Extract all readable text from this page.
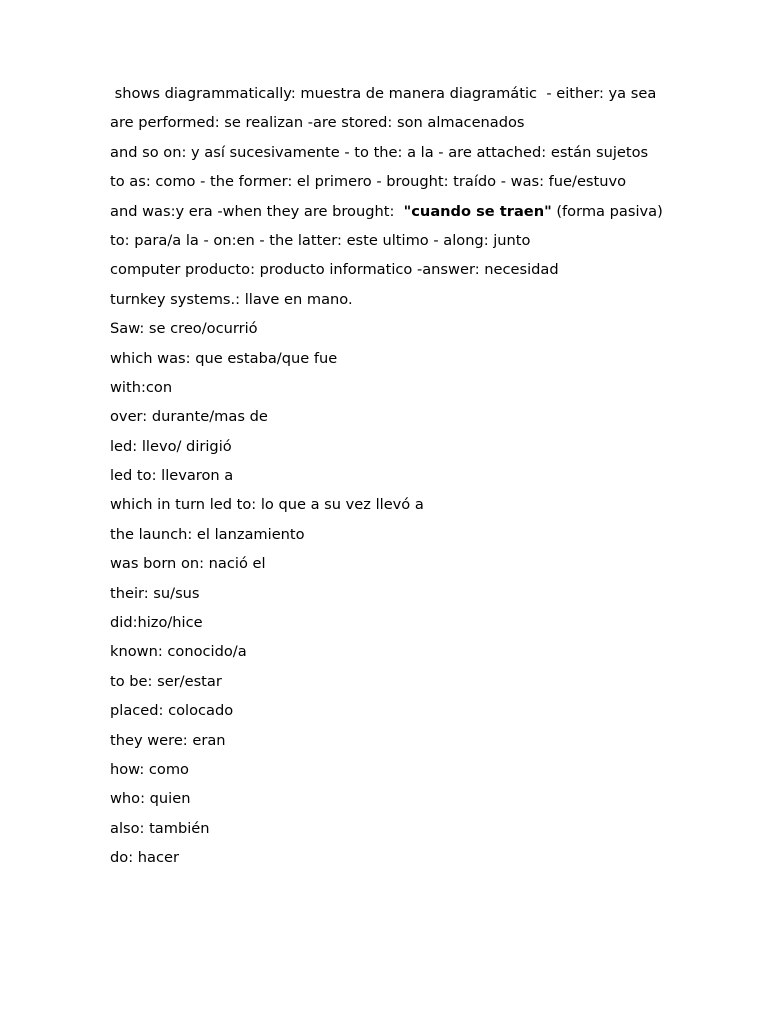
shows diagrammatically: muestra de manera diagramátic  - either: ya sea

are performed: se realizan -are stored: son almacenados

and so on: y así sucesivamente - to the: a la - are attached: están sujetos

to as: como - the former: el primero - brought: traído - was: fue/estuvo

and was:y era -when they are brought:  "cuando se traen" (forma pasiva)

to: para/a la - on:en - the latter: este ultimo - along: junto

computer producto: producto informatico -answer: necesidad

turnkey systems.: llave en mano.

Saw: se creo/ocurrió

which was: que estaba/que fue

with:con

over: durante/mas de

led: llevo/ dirigió

led to: llevaron a

which in turn led to: lo que a su vez llevó a

the launch: el lanzamiento

was born on: nació el

their: su/sus

did:hizo/hice

known: conocido/a

to be: ser/estar

placed: colocado

they were: eran

how: como

who: quien

also: también

do: hacer
